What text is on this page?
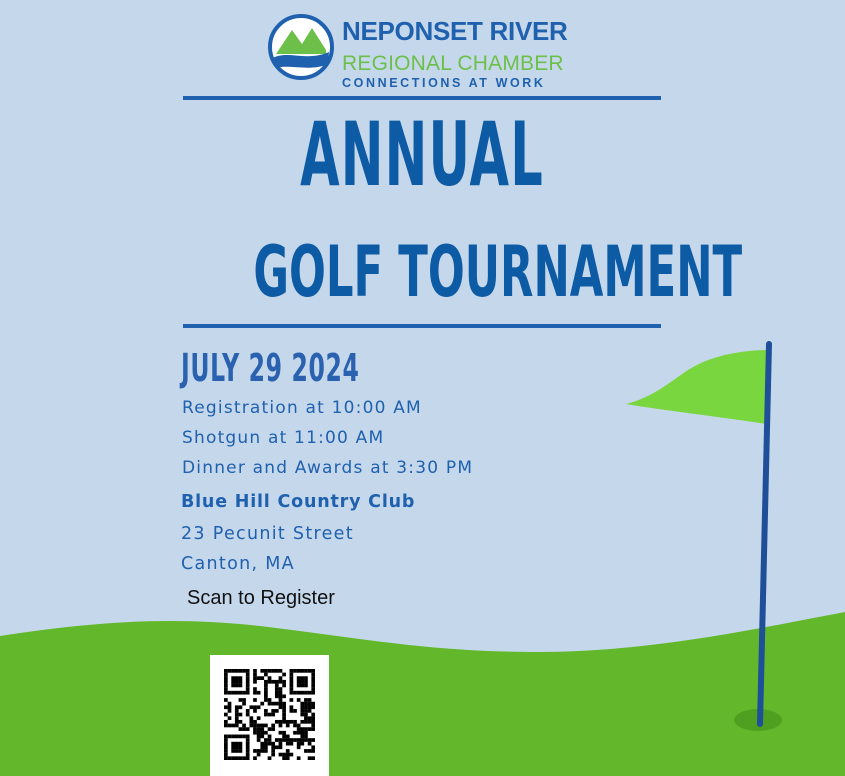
NEPONSET RIVER
REGIONAL CHAMBER
CONNECTIONS AT WORK
ANNUAL
GOLF TOURNAMENT
JULY 29 2024
Registration at 10:00 AM
Shotgun at 11:00 AM
Dinner and Awards at 3:30 PM
Blue Hill Country Club
23 Pecunit Street
Canton, MA
Scan to Register
